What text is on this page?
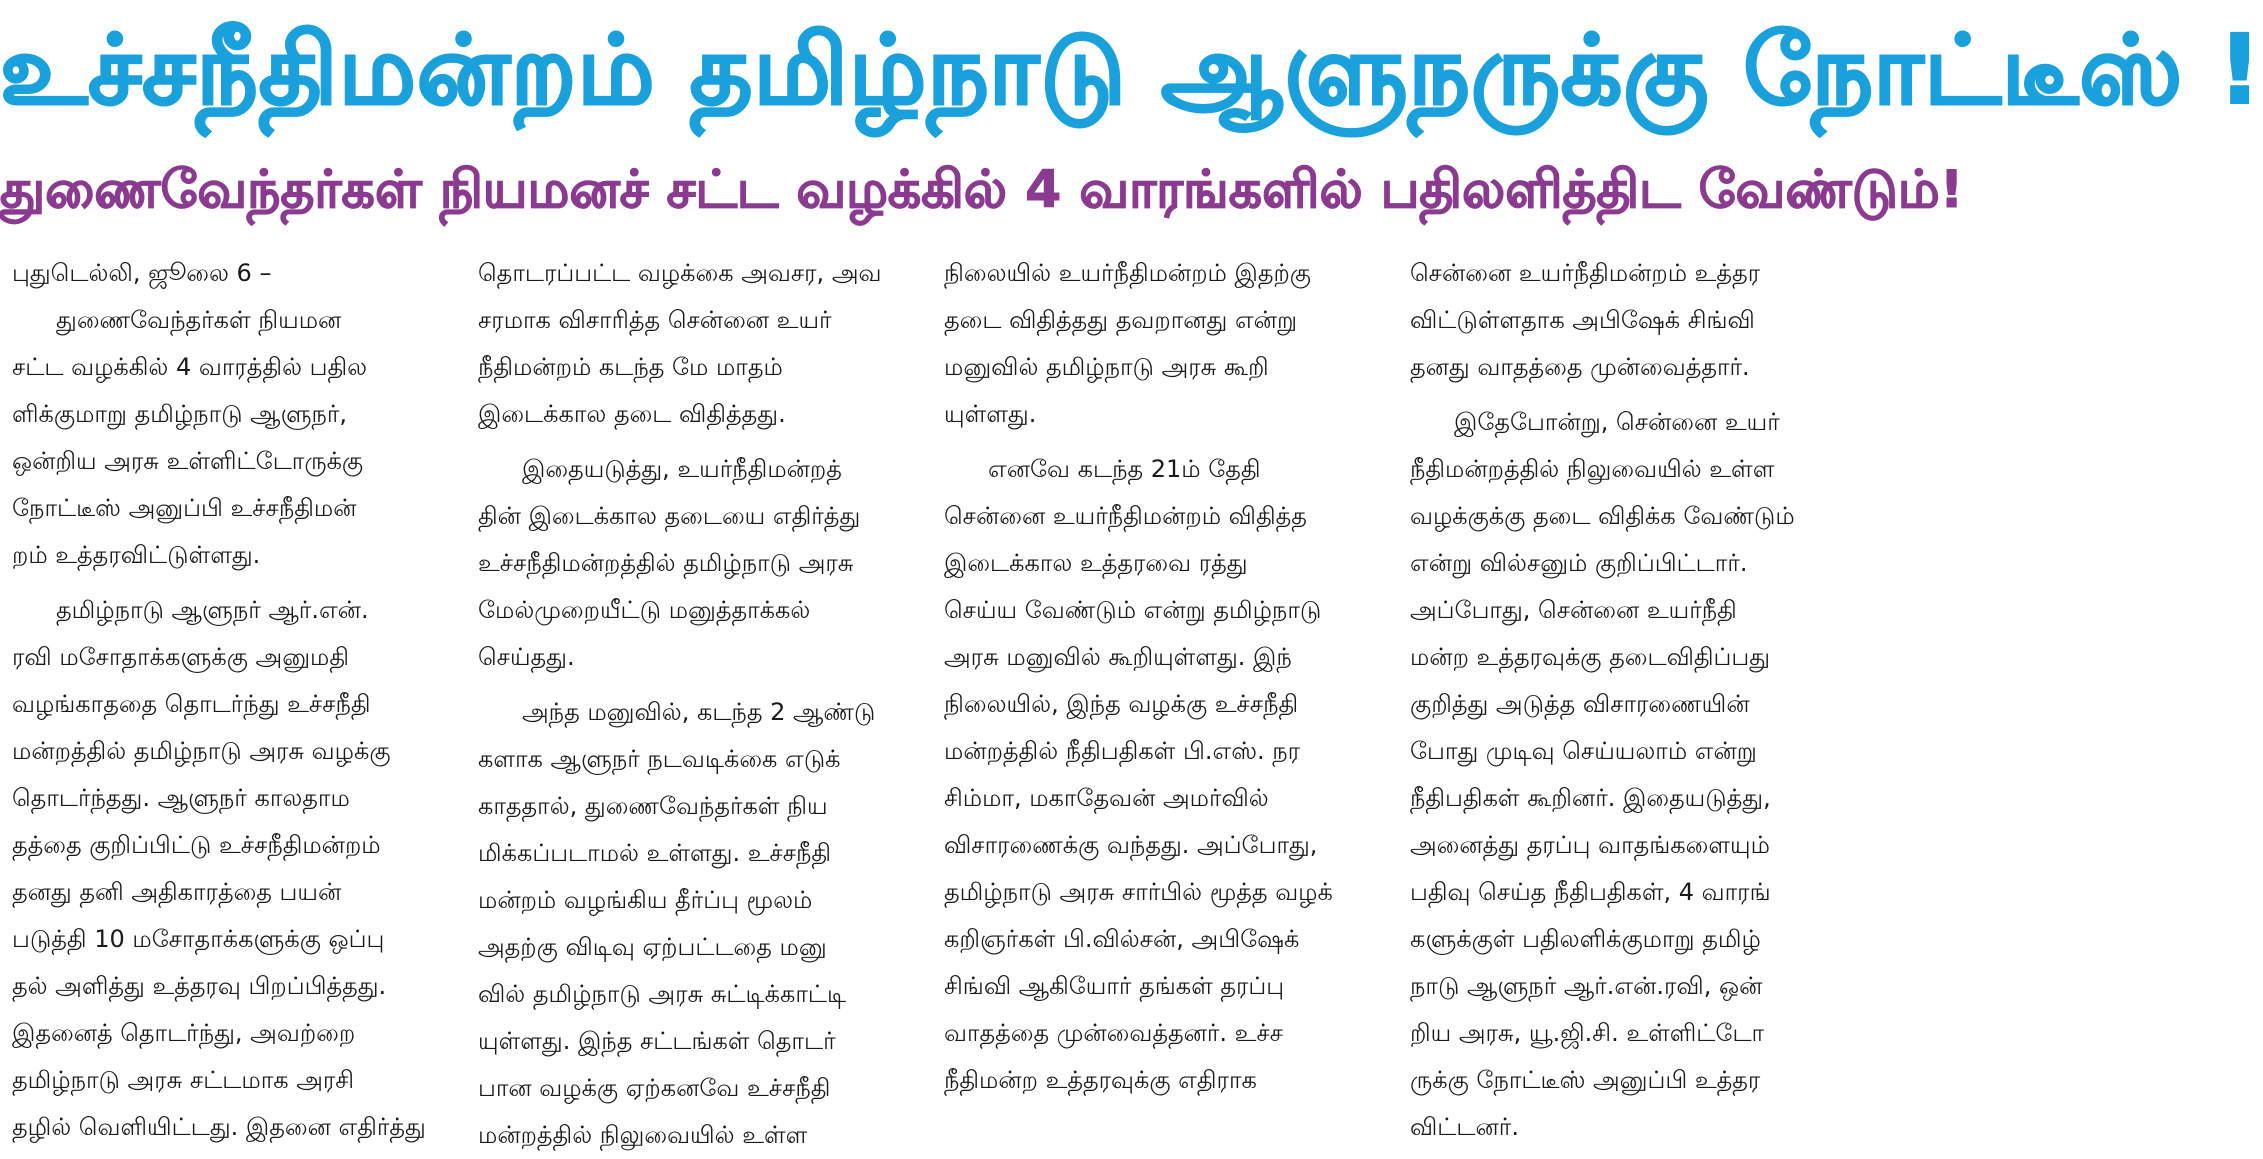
உச்சநீதிமன்றம் தமிழ்நாடு ஆளுநருக்கு நோட்டீஸ் !
துணைவேந்தர்கள் நியமனச் சட்ட வழக்கில் 4 வாரங்களில் பதிலளித்திட வேண்டும்!

புதுடெல்லி, ஜூலை 6 –

துணைவேந்தர்கள் நியமன

சட்ட வழக்கில் 4 வாரத்தில் பதில

ளிக்குமாறு தமிழ்நாடு ஆளுநர்,

ஒன்றிய அரசு உள்ளிட்டோருக்கு

நோட்டீஸ் அனுப்பி உச்சநீதிமன்

றம் உத்தரவிட்டுள்ளது.

தமிழ்நாடு ஆளுநர் ஆர்.என்.

ரவி மசோதாக்களுக்கு அனுமதி

வழங்காததை தொடர்ந்து உச்சநீதி

மன்றத்தில் தமிழ்நாடு அரசு வழக்கு

தொடர்ந்தது. ஆளுநர் காலதாம

தத்தை குறிப்பிட்டு உச்சநீதிமன்றம்

தனது தனி அதிகாரத்தை பயன்

படுத்தி 10 மசோதாக்களுக்கு ஒப்பு

தல் அளித்து உத்தரவு பிறப்பித்தது.

இதனைத் தொடர்ந்து, அவற்றை

தமிழ்நாடு அரசு சட்டமாக அரசி

தழில் வெளியிட்டது. இதனை எதிர்த்து

தொடரப்பட்ட வழக்கை அவசர, அவ

சரமாக விசாரித்த சென்னை உயர்

நீதிமன்றம் கடந்த மே மாதம்

இடைக்கால தடை விதித்தது.

இதையடுத்து, உயர்நீதிமன்றத்

தின் இடைக்கால தடையை எதிர்த்து

உச்சநீதிமன்றத்தில் தமிழ்நாடு அரசு

மேல்முறையீட்டு மனுத்தாக்கல்

செய்தது.

அந்த மனுவில், கடந்த 2 ஆண்டு

களாக ஆளுநர் நடவடிக்கை எடுக்

காததால், துணைவேந்தர்கள் நிய

மிக்கப்படாமல் உள்ளது. உச்சநீதி

மன்றம் வழங்கிய தீர்ப்பு மூலம்

அதற்கு விடிவு ஏற்பட்டதை மனு

வில் தமிழ்நாடு அரசு சுட்டிக்காட்டி

யுள்ளது. இந்த சட்டங்கள் தொடர்

பான வழக்கு ஏற்கனவே உச்சநீதி

மன்றத்தில் நிலுவையில் உள்ள

நிலையில் உயர்நீதிமன்றம் இதற்கு

தடை விதித்தது தவறானது என்று

மனுவில் தமிழ்நாடு அரசு கூறி

யுள்ளது.

எனவே கடந்த 21ம் தேதி

சென்னை உயர்நீதிமன்றம் விதித்த

இடைக்கால உத்தரவை ரத்து

செய்ய வேண்டும் என்று தமிழ்நாடு

அரசு மனுவில் கூறியுள்ளது. இந்

நிலையில், இந்த வழக்கு உச்சநீதி

மன்றத்தில் நீதிபதிகள் பி.எஸ். நர

சிம்மா, மகாதேவன் அமர்வில்

விசாரணைக்கு வந்தது. அப்போது,

தமிழ்நாடு அரசு சார்பில் மூத்த வழக்

கறிஞர்கள் பி.வில்சன், அபிஷேக்

சிங்வி ஆகியோர் தங்கள் தரப்பு

வாதத்தை முன்வைத்தனர். உச்ச

நீதிமன்ற உத்தரவுக்கு எதிராக

சென்னை உயர்நீதிமன்றம் உத்தர

விட்டுள்ளதாக அபிஷேக் சிங்வி

தனது வாதத்தை முன்வைத்தார்.

இதேபோன்று, சென்னை உயர்

நீதிமன்றத்தில் நிலுவையில் உள்ள

வழக்குக்கு தடை விதிக்க வேண்டும்

என்று வில்சனும் குறிப்பிட்டார்.

அப்போது, சென்னை உயர்நீதி

மன்ற உத்தரவுக்கு தடைவிதிப்பது

குறித்து அடுத்த விசாரணையின்

போது முடிவு செய்யலாம் என்று

நீதிபதிகள் கூறினர். இதையடுத்து,

அனைத்து தரப்பு வாதங்களையும்

பதிவு செய்த நீதிபதிகள், 4 வாரங்

களுக்குள் பதிலளிக்குமாறு தமிழ்

நாடு ஆளுநர் ஆர்.என்.ரவி, ஒன்

றிய அரசு, யூ.ஜி.சி. உள்ளிட்டோ

ருக்கு நோட்டீஸ் அனுப்பி உத்தர

விட்டனர்.
